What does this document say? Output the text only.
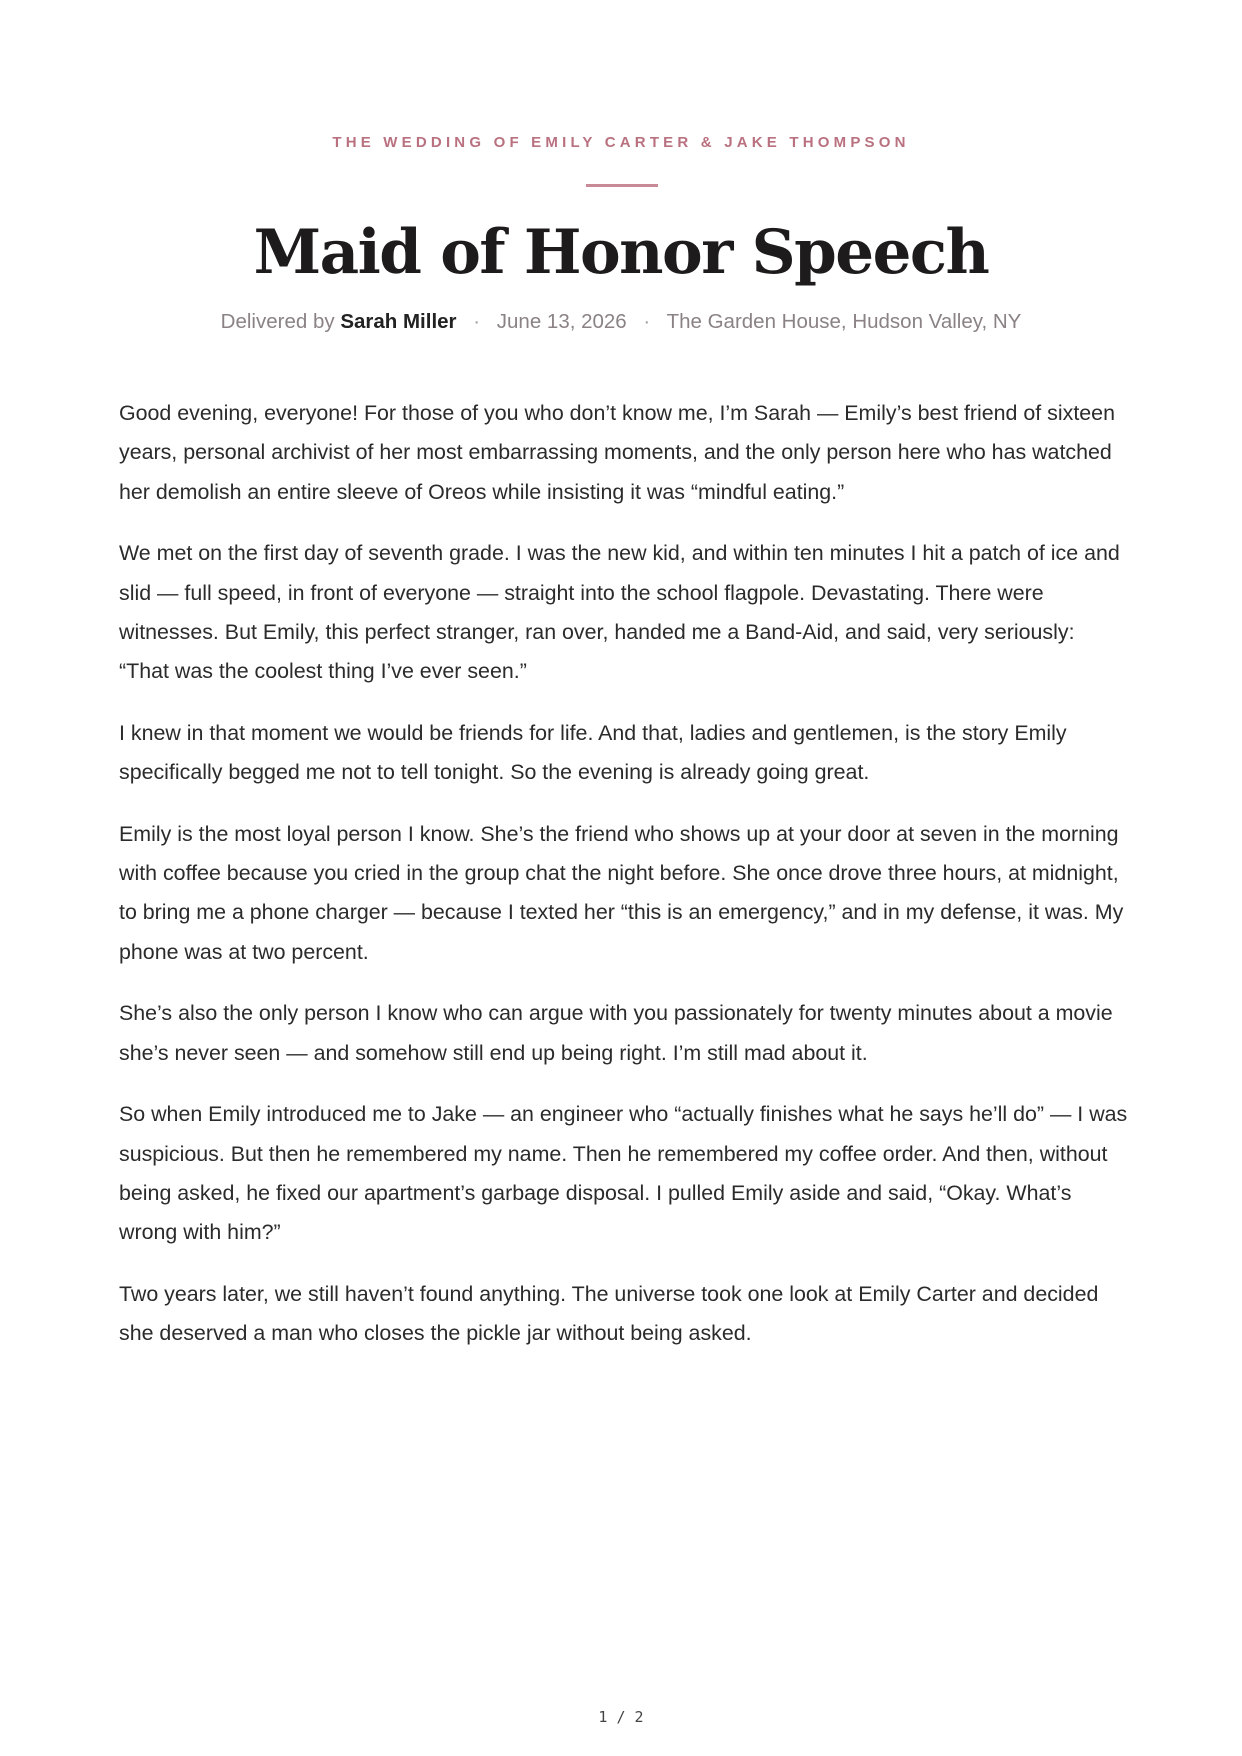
THE WEDDING OF EMILY CARTER & JAKE THOMPSON
Maid of Honor Speech
Delivered by Sarah Miller · June 13, 2026 · The Garden House, Hudson Valley, NY

Good evening, everyone! For those of you who don’t know me, I’m Sarah — Emily’s best friend of sixteen years, personal archivist of her most embarrassing moments, and the only person here who has watched her demolish an entire sleeve of Oreos while insisting it was “mindful eating.”

We met on the first day of seventh grade. I was the new kid, and within ten minutes I hit a patch of ice and slid — full speed, in front of everyone — straight into the school flagpole. Devastating. There were witnesses. But Emily, this perfect stranger, ran over, handed me a Band-Aid, and said, very seriously: “That was the coolest thing I’ve ever seen.”

I knew in that moment we would be friends for life. And that, ladies and gentlemen, is the story Emily specifically begged me not to tell tonight. So the evening is already going great.

Emily is the most loyal person I know. She’s the friend who shows up at your door at seven in the morning with coffee because you cried in the group chat the night before. She once drove three hours, at midnight, to bring me a phone charger — because I texted her “this is an emergency,” and in my defense, it was. My phone was at two percent.

She’s also the only person I know who can argue with you passionately for twenty minutes about a movie she’s never seen — and somehow still end up being right. I’m still mad about it.

So when Emily introduced me to Jake — an engineer who “actually finishes what he says he’ll do” — I was suspicious. But then he remembered my name. Then he remembered my coffee order. And then, without being asked, he fixed our apartment’s garbage disposal. I pulled Emily aside and said, “Okay. What’s wrong with him?”

Two years later, we still haven’t found anything. The universe took one look at Emily Carter and decided she deserved a man who closes the pickle jar without being asked.

1 / 2
